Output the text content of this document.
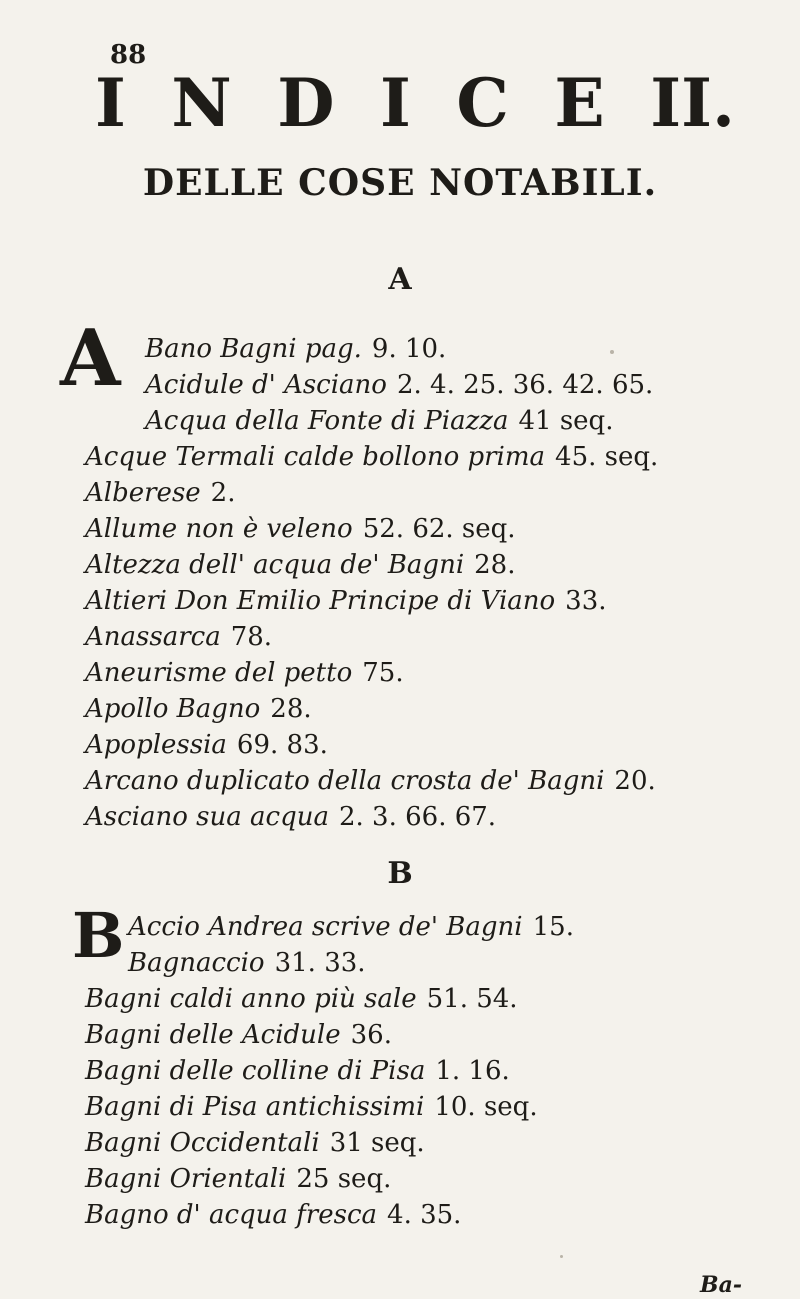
88
I N D I C E II.
DELLE COSE NOTABILI.
A
A Bano Bagni pag. 9. 10.
Acidule d' Asciano 2. 4. 25. 36. 42. 65.
Acqua della Fonte di Piazza 41 seq.
Acque Termali calde bollono prima 45. seq.
Alberese 2.
Allume non è veleno 52. 62. seq.
Altezza dell' acqua de' Bagni 28.
Altieri Don Emilio Principe di Viano 33.
Anassarca 78.
Aneurisme del petto 75.
Apollo Bagno 28.
Apoplessia 69. 83.
Arcano duplicato della crosta de' Bagni 20.
Asciano sua acqua 2. 3. 66. 67.
B
B Accio Andrea scrive de' Bagni 15.
Bagnaccio 31. 33.
Bagni caldi anno più sale 51. 54.
Bagni delle Acidule 36.
Bagni delle colline di Pisa 1. 16.
Bagni di Pisa antichissimi 10. seq.
Bagni Occidentali 31 seq.
Bagni Orientali 25 seq.
Bagno d' acqua fresca 4. 35.
Ba-
